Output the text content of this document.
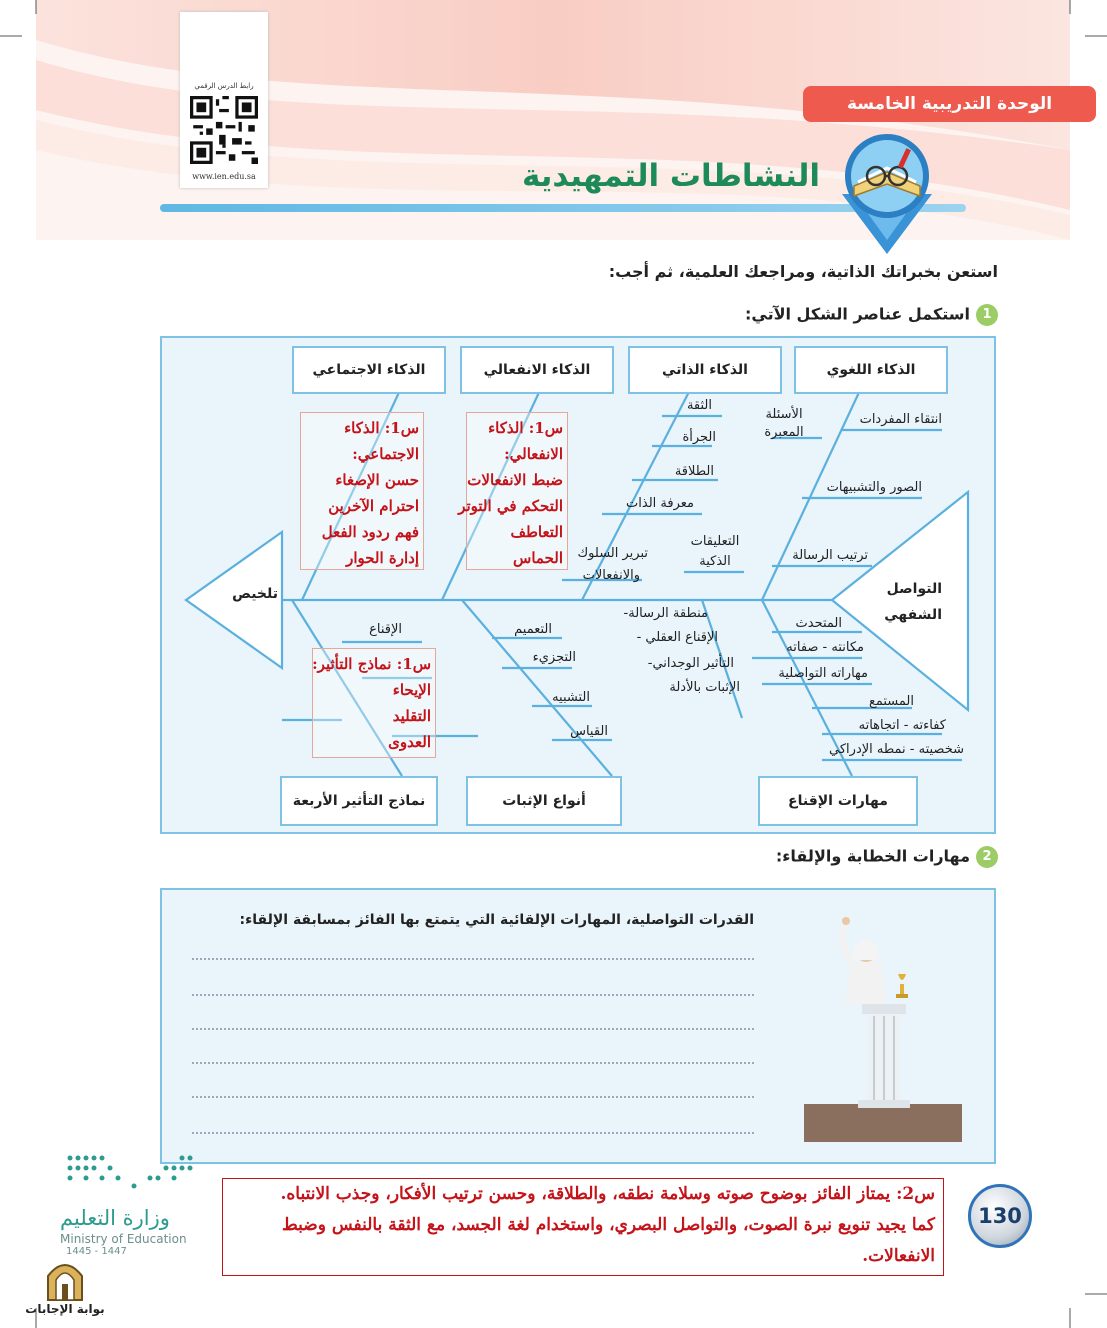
رابط الدرس الرقمي
www.ien.edu.sa
الوحدة التدريبية الخامسة
النشاطات التمهيدية
استعن بخبراتك الذاتية، ومراجعك العلمية، ثم أجب:
1استكمل عناصر الشكل الآتي:
الذكاء اللغوي
الذكاء الذاتي
الذكاء الانفعالي
الذكاء الاجتماعي
مهارات الإقناع
أنواع الإثبات
نماذج التأثير الأربعة
التواصل الشفهي
تلخيص
انتقاء المفردات
الأسئلة المعبرة
الصور والتشبيهات
ترتيب الرسالة
التعليقات الذكية
الثقة
الجرأة
الطلاقة
معرفة الذات
تبرير السلوك
والانفعالات
منطقة الرسالة-
الإقناع العقلي -
التأثير الوجداني-
الإثبات بالأدلة
المتحدث
مكانته - صفاته
مهاراته التواصلية
المستمع
كفاءته - اتجاهاته
شخصيته - نمطه الإدراكي
التعميم
التجزيء
التشبيه
القياس
الإقناع
س1: الذكاء
الاجتماعي:
حسن الإصغاء
احترام الآخرين
فهم ردود الفعل
إدارة الحوار
س1: الذكاء
الانفعالي:
ضبط الانفعالات
التحكم في التوتر
التعاطف
الحماس
س1: نماذج التأثير:
الإيحاء
التقليد
العدوى
2مهارات الخطابة والإلقاء:
القدرات التواصلية، المهارات الإلقائية التي يتمتع بها الفائز بمسابقة الإلقاء:
س2: يمتاز الفائز بوضوح صوته وسلامة نطقه، والطلاقة، وحسن ترتيب الأفكار، وجذب الانتباه.
كما يجيد تنويع نبرة الصوت، والتواصل البصري، واستخدام لغة الجسد، مع الثقة بالنفس وضبط
الانفعالات.
130
وزارة التعليم
Ministry of Education
1445 - 1447
بوابة الإجابات
